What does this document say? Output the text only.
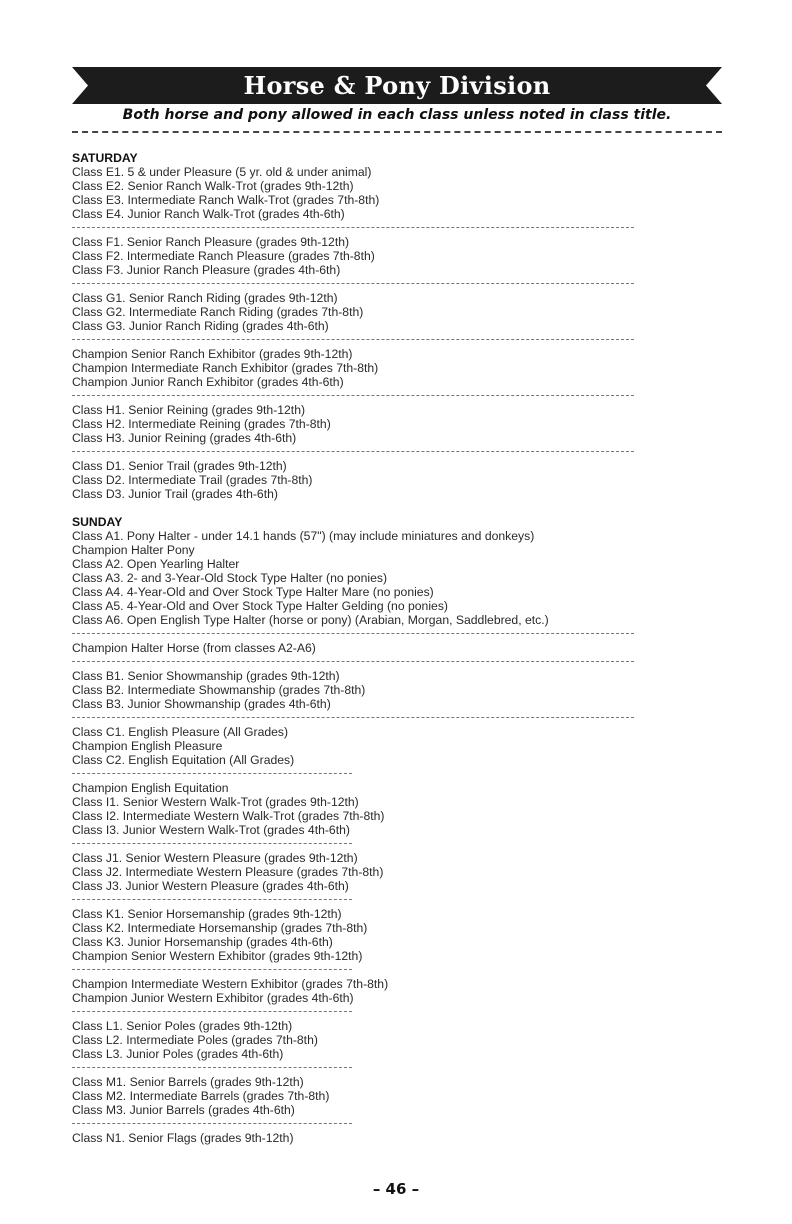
Horse & Pony Division
Both horse and pony allowed in each class unless noted in class title.
SATURDAY
Class E1. 5 & under Pleasure (5 yr. old & under animal)
Class E2. Senior Ranch Walk-Trot (grades 9th-12th)
Class E3. Intermediate Ranch Walk-Trot (grades 7th-8th)
Class E4. Junior Ranch Walk-Trot (grades 4th-6th)
Class F1. Senior Ranch Pleasure (grades 9th-12th)
Class F2. Intermediate Ranch Pleasure (grades 7th-8th)
Class F3. Junior Ranch Pleasure (grades 4th-6th)
Class G1. Senior Ranch Riding (grades 9th-12th)
Class G2. Intermediate Ranch Riding (grades 7th-8th)
Class G3. Junior Ranch Riding (grades 4th-6th)
Champion Senior Ranch Exhibitor (grades 9th-12th)
Champion Intermediate Ranch Exhibitor (grades 7th-8th)
Champion Junior Ranch Exhibitor (grades 4th-6th)
Class H1. Senior Reining (grades 9th-12th)
Class H2. Intermediate Reining (grades 7th-8th)
Class H3. Junior Reining (grades 4th-6th)
Class D1. Senior Trail (grades 9th-12th)
Class D2. Intermediate Trail (grades 7th-8th)
Class D3. Junior Trail (grades 4th-6th)
SUNDAY
Class A1. Pony Halter - under 14.1 hands (57") (may include miniatures and donkeys)
Champion Halter Pony
Class A2. Open Yearling Halter
Class A3. 2- and 3-Year-Old Stock Type Halter (no ponies)
Class A4. 4-Year-Old and Over Stock Type Halter Mare (no ponies)
Class A5. 4-Year-Old and Over Stock Type Halter Gelding (no ponies)
Class A6. Open English Type Halter (horse or pony) (Arabian, Morgan, Saddlebred, etc.)
Champion Halter Horse (from classes A2-A6)
Class B1. Senior Showmanship (grades 9th-12th)
Class B2. Intermediate Showmanship (grades 7th-8th)
Class B3. Junior Showmanship (grades 4th-6th)
Class C1. English Pleasure (All Grades)
Champion English Pleasure
Class C2. English Equitation (All Grades)
Champion English Equitation
Class I1. Senior Western Walk-Trot (grades 9th-12th)
Class I2. Intermediate Western Walk-Trot (grades 7th-8th)
Class I3. Junior Western Walk-Trot (grades 4th-6th)
Class J1. Senior Western Pleasure (grades 9th-12th)
Class J2. Intermediate Western Pleasure (grades 7th-8th)
Class J3. Junior Western Pleasure (grades 4th-6th)
Class K1. Senior Horsemanship (grades 9th-12th)
Class K2. Intermediate Horsemanship (grades 7th-8th)
Class K3. Junior Horsemanship (grades 4th-6th)
Champion Senior Western Exhibitor (grades 9th-12th)
Champion Intermediate Western Exhibitor (grades 7th-8th)
Champion Junior Western Exhibitor (grades 4th-6th)
Class L1. Senior Poles (grades 9th-12th)
Class L2. Intermediate Poles (grades 7th-8th)
Class L3. Junior Poles (grades 4th-6th)
Class M1. Senior Barrels (grades 9th-12th)
Class M2. Intermediate Barrels (grades 7th-8th)
Class M3. Junior Barrels (grades 4th-6th)
Class N1. Senior Flags (grades 9th-12th)
– 46 –
